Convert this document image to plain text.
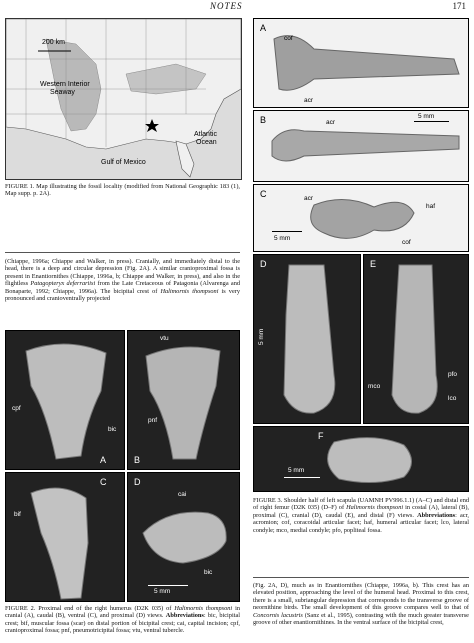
NOTES	171
200 km
Western Interior
Seaway
Atlantic
Ocean
Gulf of Mexico
FIGURE 1. Map illustrating the fossil locality (modified from National Geographic 183 (1), Map supp. p. 2A).
(Chiappe, 1996a; Chiappe and Walker, in press). Cranially, and immediately distal to the head, there is a deep and circular depression (Fig. 2A). A similar cranioproximal fossa is present in Enantiornithes (Chiappe, 1996a, b; Chiappe and Walker, in press), and also in the flightless Patagopteryx deferrariisi from the Late Cretaceous of Patagonia (Alvarenga and Bonaparte, 1992; Chiappe, 1996a). The bicipital crest of Halimornis thompsoni is very pronounced and cranioventrally projected
cpf
bic
A
vtu
pnf
B
bif
C
cai
bic
5 mm
D
FIGURE 2. Proximal end of the right humerus (D2K 035) of Halimornis thompsoni in cranial (A), caudal (B), ventral (C), and proximal (D) views. Abbreviations: bic, bicipital crest; bif, muscular fossa (scar) on distal portion of bicipital crest; cai, capital incision; cpf, cranioproximal fossa; pnf, pneumotricipital fossa; vtu, ventral tubercle.
A
cof
acr
B	acr
5 mm
C	acr
haf
cof
5 mm
D
5 mm
E
mco
pfo
lco
F
5 mm
FIGURE 3. Shoulder half of left scapula (UAMNH PV996.1.1) (A–C) and distal end of right femur (D2K 035) (D–F) of Halimornis thompsoni in costal (A), lateral (B), proximal (C), cranial (D), caudal (E), and distal (F) views. Abbreviations: acr, acromion; cof, coracoidal articular facet; haf, humeral articular facet; lco, lateral condyle; mco, medial condyle; pfo, popliteal fossa.
(Fig. 2A, D), much as in Enantiornithes (Chiappe, 1996a, b). This crest has an elevated position, approaching the level of the humeral head. Proximal to this crest, there is a small, subriangular depression that corresponds to the transverse groove of neornithine birds. The small development of this groove compares well to that of Concornis lacustris (Sanz et al., 1995), contrasting with the much greater transverse groove of other enantiornithines. In the ventral surface of the bicipital crest,
